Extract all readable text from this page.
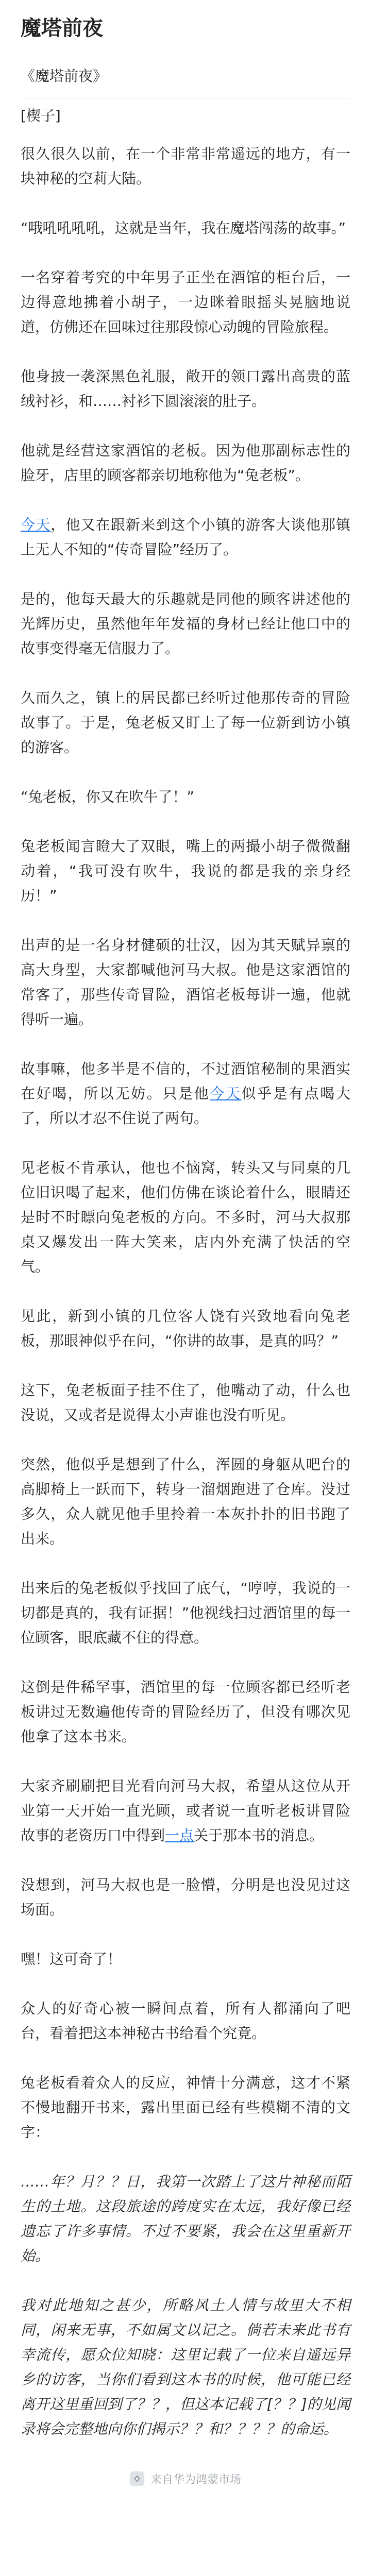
魔塔前夜

《魔塔前夜》

[楔子]

很久很久以前，在一个非常非常遥远的地方，有一块神秘的空莉大陆。

“哦吼吼吼吼，这就是当年，我在魔塔闯荡的故事。”

一名穿着考究的中年男子正坐在酒馆的柜台后，一边得意地拂着小胡子，一边眯着眼摇头晃脑地说道，仿佛还在回味过往那段惊心动魄的冒险旅程。

他身披一袭深黑色礼服，敞开的领口露出高贵的蓝绒衬衫，和……衬衫下圆滚滚的肚子。

他就是经营这家酒馆的老板。因为他那副标志性的脸牙，店里的顾客都亲切地称他为“兔老板”。

今天，他又在跟新来到这个小镇的游客大谈他那镇上无人不知的“传奇冒险”经历了。

是的，他每天最大的乐趣就是同他的顾客讲述他的光辉历史，虽然他年年发福的身材已经让他口中的故事变得毫无信服力了。

久而久之，镇上的居民都已经听过他那传奇的冒险故事了。于是，兔老板又盯上了每一位新到访小镇的游客。

“兔老板，你又在吹牛了！”

兔老板闻言瞪大了双眼，嘴上的两撮小胡子微微翻动着，“我可没有吹牛，我说的都是我的亲身经历！”

出声的是一名身材健硕的壮汉，因为其天赋异禀的高大身型，大家都喊他河马大叔。他是这家酒馆的常客了，那些传奇冒险，酒馆老板每讲一遍，他就得听一遍。

故事嘛，他多半是不信的，不过酒馆秘制的果酒实在好喝，所以无妨。只是他今天似乎是有点喝大了，所以才忍不住说了两句。

见老板不肯承认，他也不恼窝，转头又与同桌的几位旧识喝了起来，他们仿佛在谈论着什么，眼睛还是时不时瞟向兔老板的方向。不多时，河马大叔那桌又爆发出一阵大笑来，店内外充满了快活的空气。

见此，新到小镇的几位客人饶有兴致地看向兔老板，那眼神似乎在问，“你讲的故事，是真的吗？”

这下，兔老板面子挂不住了，他嘴动了动，什么也没说，又或者是说得太小声谁也没有听见。

突然，他似乎是想到了什么，浑圆的身躯从吧台的高脚椅上一跃而下，转身一溜烟跑进了仓库。没过多久，众人就见他手里拎着一本灰扑扑的旧书跑了出来。

出来后的兔老板似乎找回了底气，“哼哼，我说的一切都是真的，我有证据！”他视线扫过酒馆里的每一位顾客，眼底藏不住的得意。

这倒是件稀罕事，酒馆里的每一位顾客都已经听老板讲过无数遍他传奇的冒险经历了，但没有哪次见他拿了这本书来。

大家齐刷刷把目光看向河马大叔，希望从这位从开业第一天开始一直光顾，或者说一直听老板讲冒险故事的老资历口中得到一点关于那本书的消息。

没想到，河马大叔也是一脸懵，分明是也没见过这场面。

嘿！这可奇了！

众人的好奇心被一瞬间点着，所有人都涌向了吧台，看着把这本神秘古书给看个究竟。

兔老板看着众人的反应，神情十分满意，这才不紧不慢地翻开书来，露出里面已经有些模糊不清的文字：

……年？月？？日，我第一次踏上了这片神秘而陌生的土地。这段旅途的跨度实在太远，我好像已经遗忘了许多事情。不过不要紧，我会在这里重新开始。

我对此地知之甚少，所略风土人情与故里大不相同，闲来无事，不如属文以记之。倘若未来此书有幸流传，愿众位知晓：这里记载了一位来自遥远异乡的访客，当你们看到这本书的时候，他可能已经离开这里重回到了？？，但这本记载了[？？]的见闻录将会完整地向你们揭示？？和？？？？的命运。

来自华为鸿蒙市场
